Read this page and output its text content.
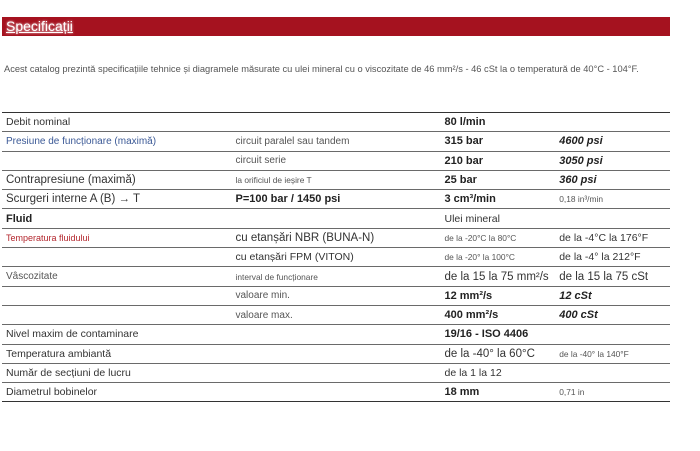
Specificații

Acest catalog prezintă specificațiile tehnice și diagramele măsurate cu ulei mineral cu o viscozitate de 46 mm²/s - 46 cSt la o temperatură de 40°C - 104°F.

Debit nominal		80 l/min	
Presiune de funcționare (maximă)	circuit paralel sau tandem	315 bar	4600 psi
	circuit serie	210 bar	3050 psi
Contrapresiune (maximă)	la orificiul de ieșire T	25 bar	360 psi
Scurgeri interne A (B) → T	P=100 bar / 1450 psi	3 cm³/min	0,18 in³/min
Fluid		Ulei mineral	
Temperatura fluidului	cu etanșări NBR (BUNA-N)	de la -20°C la 80°C	de la -4°C la 176°F
	cu etanșări FPM (VITON)	de la -20° la 100°C	de la -4° la 212°F
Vâscozitate	interval de funcționare	de la 15 la 75 mm²/s	de la 15 la 75 cSt
	valoare min.	12 mm²/s	12 cSt
	valoare max.	400 mm²/s	400 cSt
Nivel maxim de contaminare		19/16 - ISO 4406	
Temperatura ambiantă		de la -40° la 60°C	de la -40° la 140°F
Număr de secțiuni de lucru		de la 1 la 12	
Diametrul bobinelor		18 mm	0,71 in
